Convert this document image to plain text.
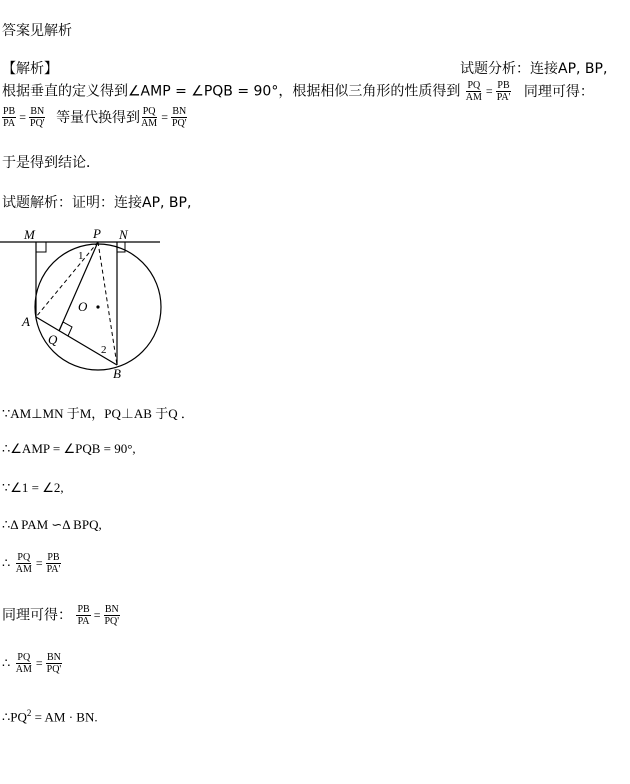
答案见解析
【解析】	试题分析：连接AP, BP,
根据垂直的定义得到∠AMP = ∠PQB = 90°，根据相似三角形的性质得到 $\frac{PQ}{AM} = \frac{PB}{PA'}$ 同理可得：
$\frac{PB}{PA} = \frac{BN}{PQ'}$ 等量代换得到 $\frac{PQ}{AM} = \frac{BN}{PQ'}$
于是得到结论．
试题解析：证明：连接AP, BP,
M	P N
A
O
Q
B
1
2
∵AM⊥MN 于M，PQ⊥AB 于Q ．
∴∠AMP = ∠PQB = 90°,
∵∠1 = ∠2,
∴Δ PAM ∽Δ BPQ,
∴ $\frac{PQ}{AM} = \frac{PB}{PA'}$
同理可得： $\frac{PB}{PA} = \frac{BN}{PQ'}$
∴ $\frac{PQ}{AM} = \frac{BN}{PQ'}$
$\therefore PQ^2$ = AM · BN.
